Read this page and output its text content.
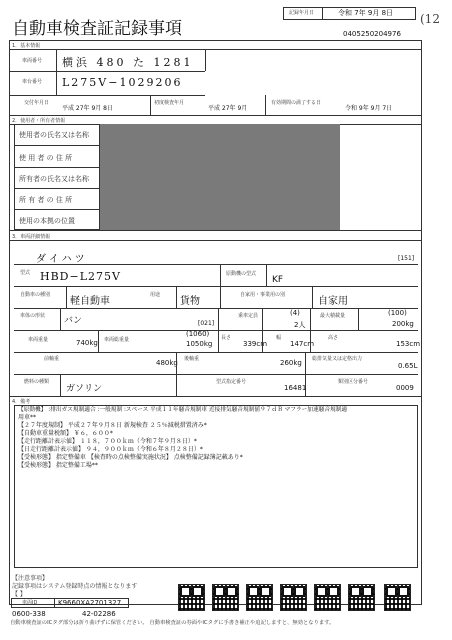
自動車検査証記録事項
記録年月日	令和 7年 9月 8日 (12
0405250204976
1．基本情報
車両番号 横浜 480 た 1281
車台番号 L275V−1029206
交付年月日
平成 27年 9月 8日
初度検査年月
平成 27年 9月
有効期間の満了する日
令和 9年 9月 7日
2．使用者・所有者情報
使用者の氏名又は名称
使 用 者 の 住 所
所有者の氏名又は名称
所 有 者 の 住 所
使用の本拠の位置
3．車両詳細情報
ダイハツ	[151]
型式 HBD−L275V	原動機の型式
KF
自動車の種別
軽自動車
用途
貨物
自家用・事業用の別
自家用
車体の形状 バン	[021]
乗車定員	(4)
2人
最大積載量	(100)
200kg
車両重量	740kg 車両総重量
(1060)
1050kg
長さ
339cm
幅
147cm
高さ
153cm
前軸重	480kg 後軸重	260kg 総排気量又は定格出力
0.65L
燃料の種類
ガソリン
型式指定番号
16481
類別区分番号
0009
4．備考
【原動機】 :排出ガス規制適合 :一般規制 :スペース 平成１１年騒音規制車 近接排気騒音規制値９７ｄＢ マフラー加速騒音規制適
用車**
【２７年度規制】 平成２７年９月８日 新規検査 ２５％減税措置済み*
【自動車重量税額】 ￥６，６００*
【走行距離計表示値】 １１８，７００ｋｍ（令和７年９月８日）*
【日走行距離計表示値】 ９４，９００ｋｍ（令和６年８月２８日）*
【受検形態】 指定整備車 【検査時の点検整備実施状況】 点検整備記録簿記載あり*
【受検形態】 指定整備工場**
【注意事項】
記録事項はシステム登録時点の情報となります
【 】
車両ID	K9660XA2701327
0600-338	42-02286
自動車検査証のICタグ部分は折り曲げずに保管ください。 自動車検査証の券面やICタグに手書き補正や追記しますと、無効となります。
